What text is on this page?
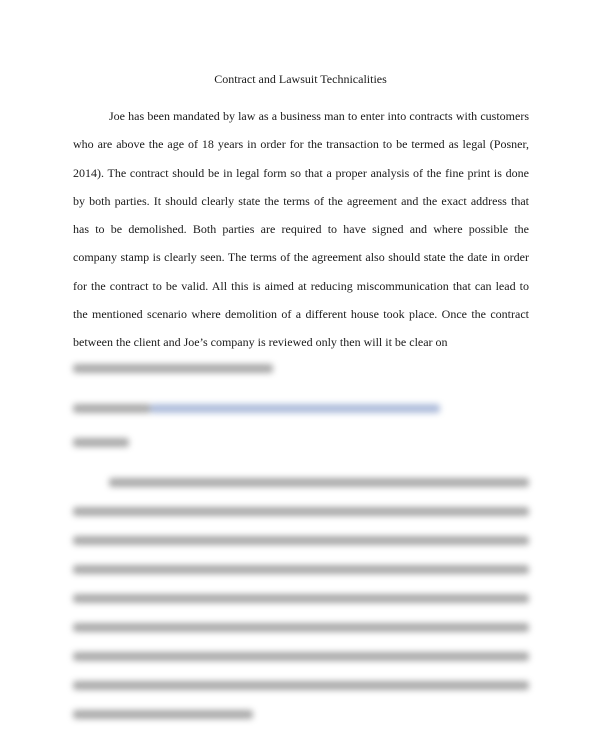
Contract and Lawsuit Technicalities

Joe has been mandated by law as a business man to enter into contracts with customers who are above the age of 18 years in order for the transaction to be termed as legal (Posner, 2014). The contract should be in legal form so that a proper analysis of the fine print is done by both parties. It should clearly state the terms of the agreement and the exact address that has to be demolished. Both parties are required to have signed and where possible the company stamp is clearly seen. The terms of the agreement also should state the date in order for the contract to be valid. All this is aimed at reducing miscommunication that can lead to the mentioned scenario where demolition of a different house took place. Once the contract between the client and Joe’s company is reviewed only then will it be clear on
